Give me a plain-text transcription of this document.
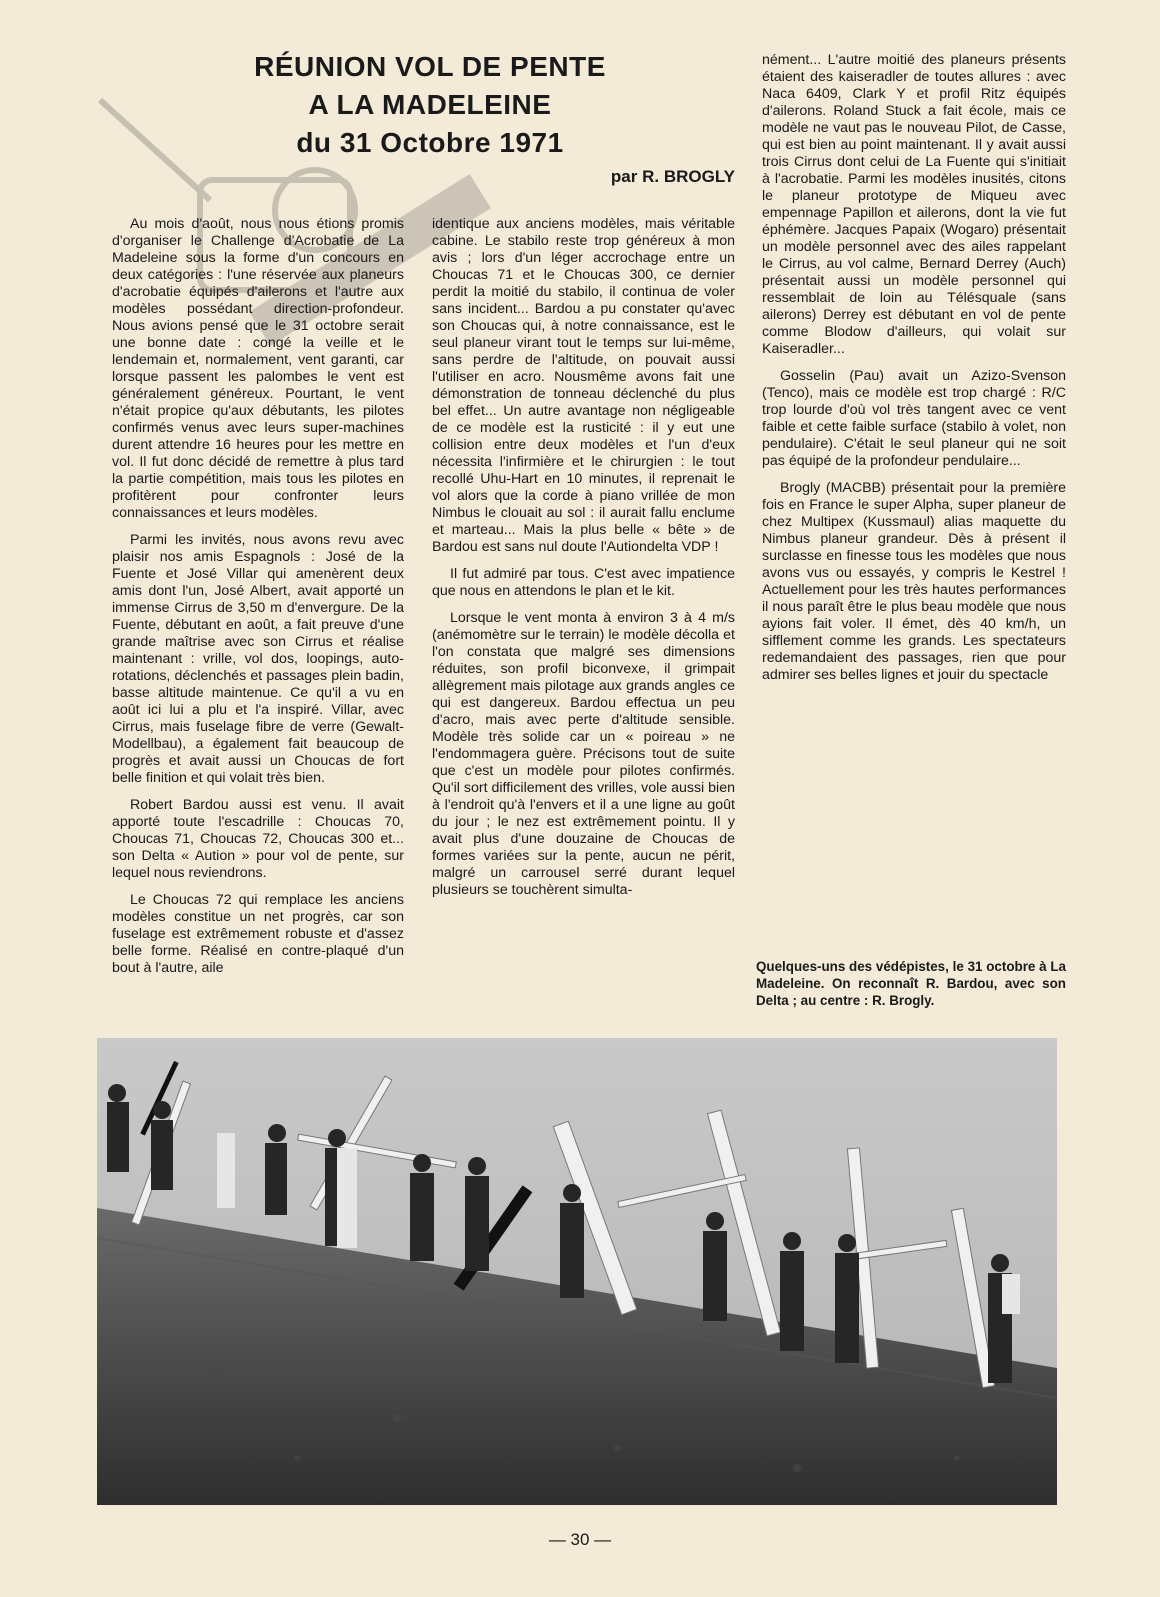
RÉUNION VOL DE PENTE
A LA MADELEINE
du 31 Octobre 1971
par R. BROGLY

Au mois d'août, nous nous étions promis d'organiser le Challenge d'Acrobatie de La Madeleine sous la forme d'un concours en deux catégories : l'une réservée aux planeurs d'acrobatie équipés d'ailerons et l'autre aux modèles possédant direction-profondeur. Nous avions pensé que le 31 octobre serait une bonne date : congé la veille et le lendemain et, normalement, vent garanti, car lorsque passent les palombes le vent est généralement généreux. Pourtant, le vent n'était propice qu'aux débutants, les pilotes confirmés venus avec leurs super-machines durent attendre 16 heures pour les mettre en vol. Il fut donc décidé de remettre à plus tard la partie compétition, mais tous les pilotes en profitèrent pour confronter leurs connaissances et leurs modèles.

Parmi les invités, nous avons revu avec plaisir nos amis Espagnols : José de la Fuente et José Villar qui amenèrent deux amis dont l'un, José Albert, avait apporté un immense Cirrus de 3,50 m d'envergure. De la Fuente, débutant en août, a fait preuve d'une grande maîtrise avec son Cirrus et réalise maintenant : vrille, vol dos, loopings, auto-rotations, déclenchés et passages plein badin, basse altitude maintenue. Ce qu'il a vu en août ici lui a plu et l'a inspiré. Villar, avec Cirrus, mais fuselage fibre de verre (Gewalt-Modellbau), a également fait beaucoup de progrès et avait aussi un Choucas de fort belle finition et qui volait très bien.

Robert Bardou aussi est venu. Il avait apporté toute l'escadrille : Choucas 70, Choucas 71, Choucas 72, Choucas 300 et... son Delta « Aution » pour vol de pente, sur lequel nous reviendrons.

Le Choucas 72 qui remplace les anciens modèles constitue un net progrès, car son fuselage est extrêmement robuste et d'assez belle forme. Réalisé en contre-plaqué d'un bout à l'autre, aile

identique aux anciens modèles, mais véritable cabine. Le stabilo reste trop généreux à mon avis ; lors d'un léger accrochage entre un Choucas 71 et le Choucas 300, ce dernier perdit la moitié du stabilo, il continua de voler sans incident... Bardou a pu constater qu'avec son Choucas qui, à notre connaissance, est le seul planeur virant tout le temps sur lui-même, sans perdre de l'altitude, on pouvait aussi l'utiliser en acro. Nousmême avons fait une démonstration de tonneau déclenché du plus bel effet... Un autre avantage non négligeable de ce modèle est la rusticité : il y eut une collision entre deux modèles et l'un d'eux nécessita l'infirmière et le chirurgien : le tout recollé Uhu-Hart en 10 minutes, il reprenait le vol alors que la corde à piano vrillée de mon Nimbus le clouait au sol : il aurait fallu enclume et marteau... Mais la plus belle « bête » de Bardou est sans nul doute l'Autiondelta VDP !

Il fut admiré par tous. C'est avec impatience que nous en attendons le plan et le kit.

Lorsque le vent monta à environ 3 à 4 m/s (anémomètre sur le terrain) le modèle décolla et l'on constata que malgré ses dimensions réduites, son profil biconvexe, il grimpait allègrement mais pilotage aux grands angles ce qui est dangereux. Bardou effectua un peu d'acro, mais avec perte d'altitude sensible. Modèle très solide car un « poireau » ne l'endommagera guère. Précisons tout de suite que c'est un modèle pour pilotes confirmés. Qu'il sort difficilement des vrilles, vole aussi bien à l'endroit qu'à l'envers et il a une ligne au goût du jour ; le nez est extrêmement pointu. Il y avait plus d'une douzaine de Choucas de formes variées sur la pente, aucun ne périt, malgré un carrousel serré durant lequel plusieurs se touchèrent simulta-

nément... L'autre moitié des planeurs présents étaient des kaiseradler de toutes allures : avec Naca 6409, Clark Y et profil Ritz équipés d'ailerons. Roland Stuck a fait école, mais ce modèle ne vaut pas le nouveau Pilot, de Casse, qui est bien au point maintenant. Il y avait aussi trois Cirrus dont celui de La Fuente qui s'initiait à l'acrobatie. Parmi les modèles inusités, citons le planeur prototype de Miqueu avec empennage Papillon et ailerons, dont la vie fut éphémère. Jacques Papaix (Wogaro) présentait un modèle personnel avec des ailes rappelant le Cirrus, au vol calme, Bernard Derrey (Auch) présentait aussi un modèle personnel qui ressemblait de loin au Télésquale (sans ailerons) Derrey est débutant en vol de pente comme Blodow d'ailleurs, qui volait sur Kaiseradler...

Gosselin (Pau) avait un Azizo-Svenson (Tenco), mais ce modèle est trop chargé : R/C trop lourde d'où vol très tangent avec ce vent faible et cette faible surface (stabilo à volet, non pendulaire). C'était le seul planeur qui ne soit pas équipé de la profondeur pendulaire...

Brogly (MACBB) présentait pour la première fois en France le super Alpha, super planeur de chez Multipex (Kussmaul) alias maquette du Nimbus planeur grandeur. Dès à présent il surclasse en finesse tous les modèles que nous avons vus ou essayés, y compris le Kestrel ! Actuellement pour les très hautes performances il nous paraît être le plus beau modèle que nous ayions fait voler. Il émet, dès 40 km/h, un sifflement comme les grands. Les spectateurs redemandaient des passages, rien que pour admirer ses belles lignes et jouir du spectacle

Quelques-uns des védépistes, le 31 octobre à La Madeleine. On reconnaît R. Bardou, avec son Delta ; au centre : R. Brogly.
— 30 —
